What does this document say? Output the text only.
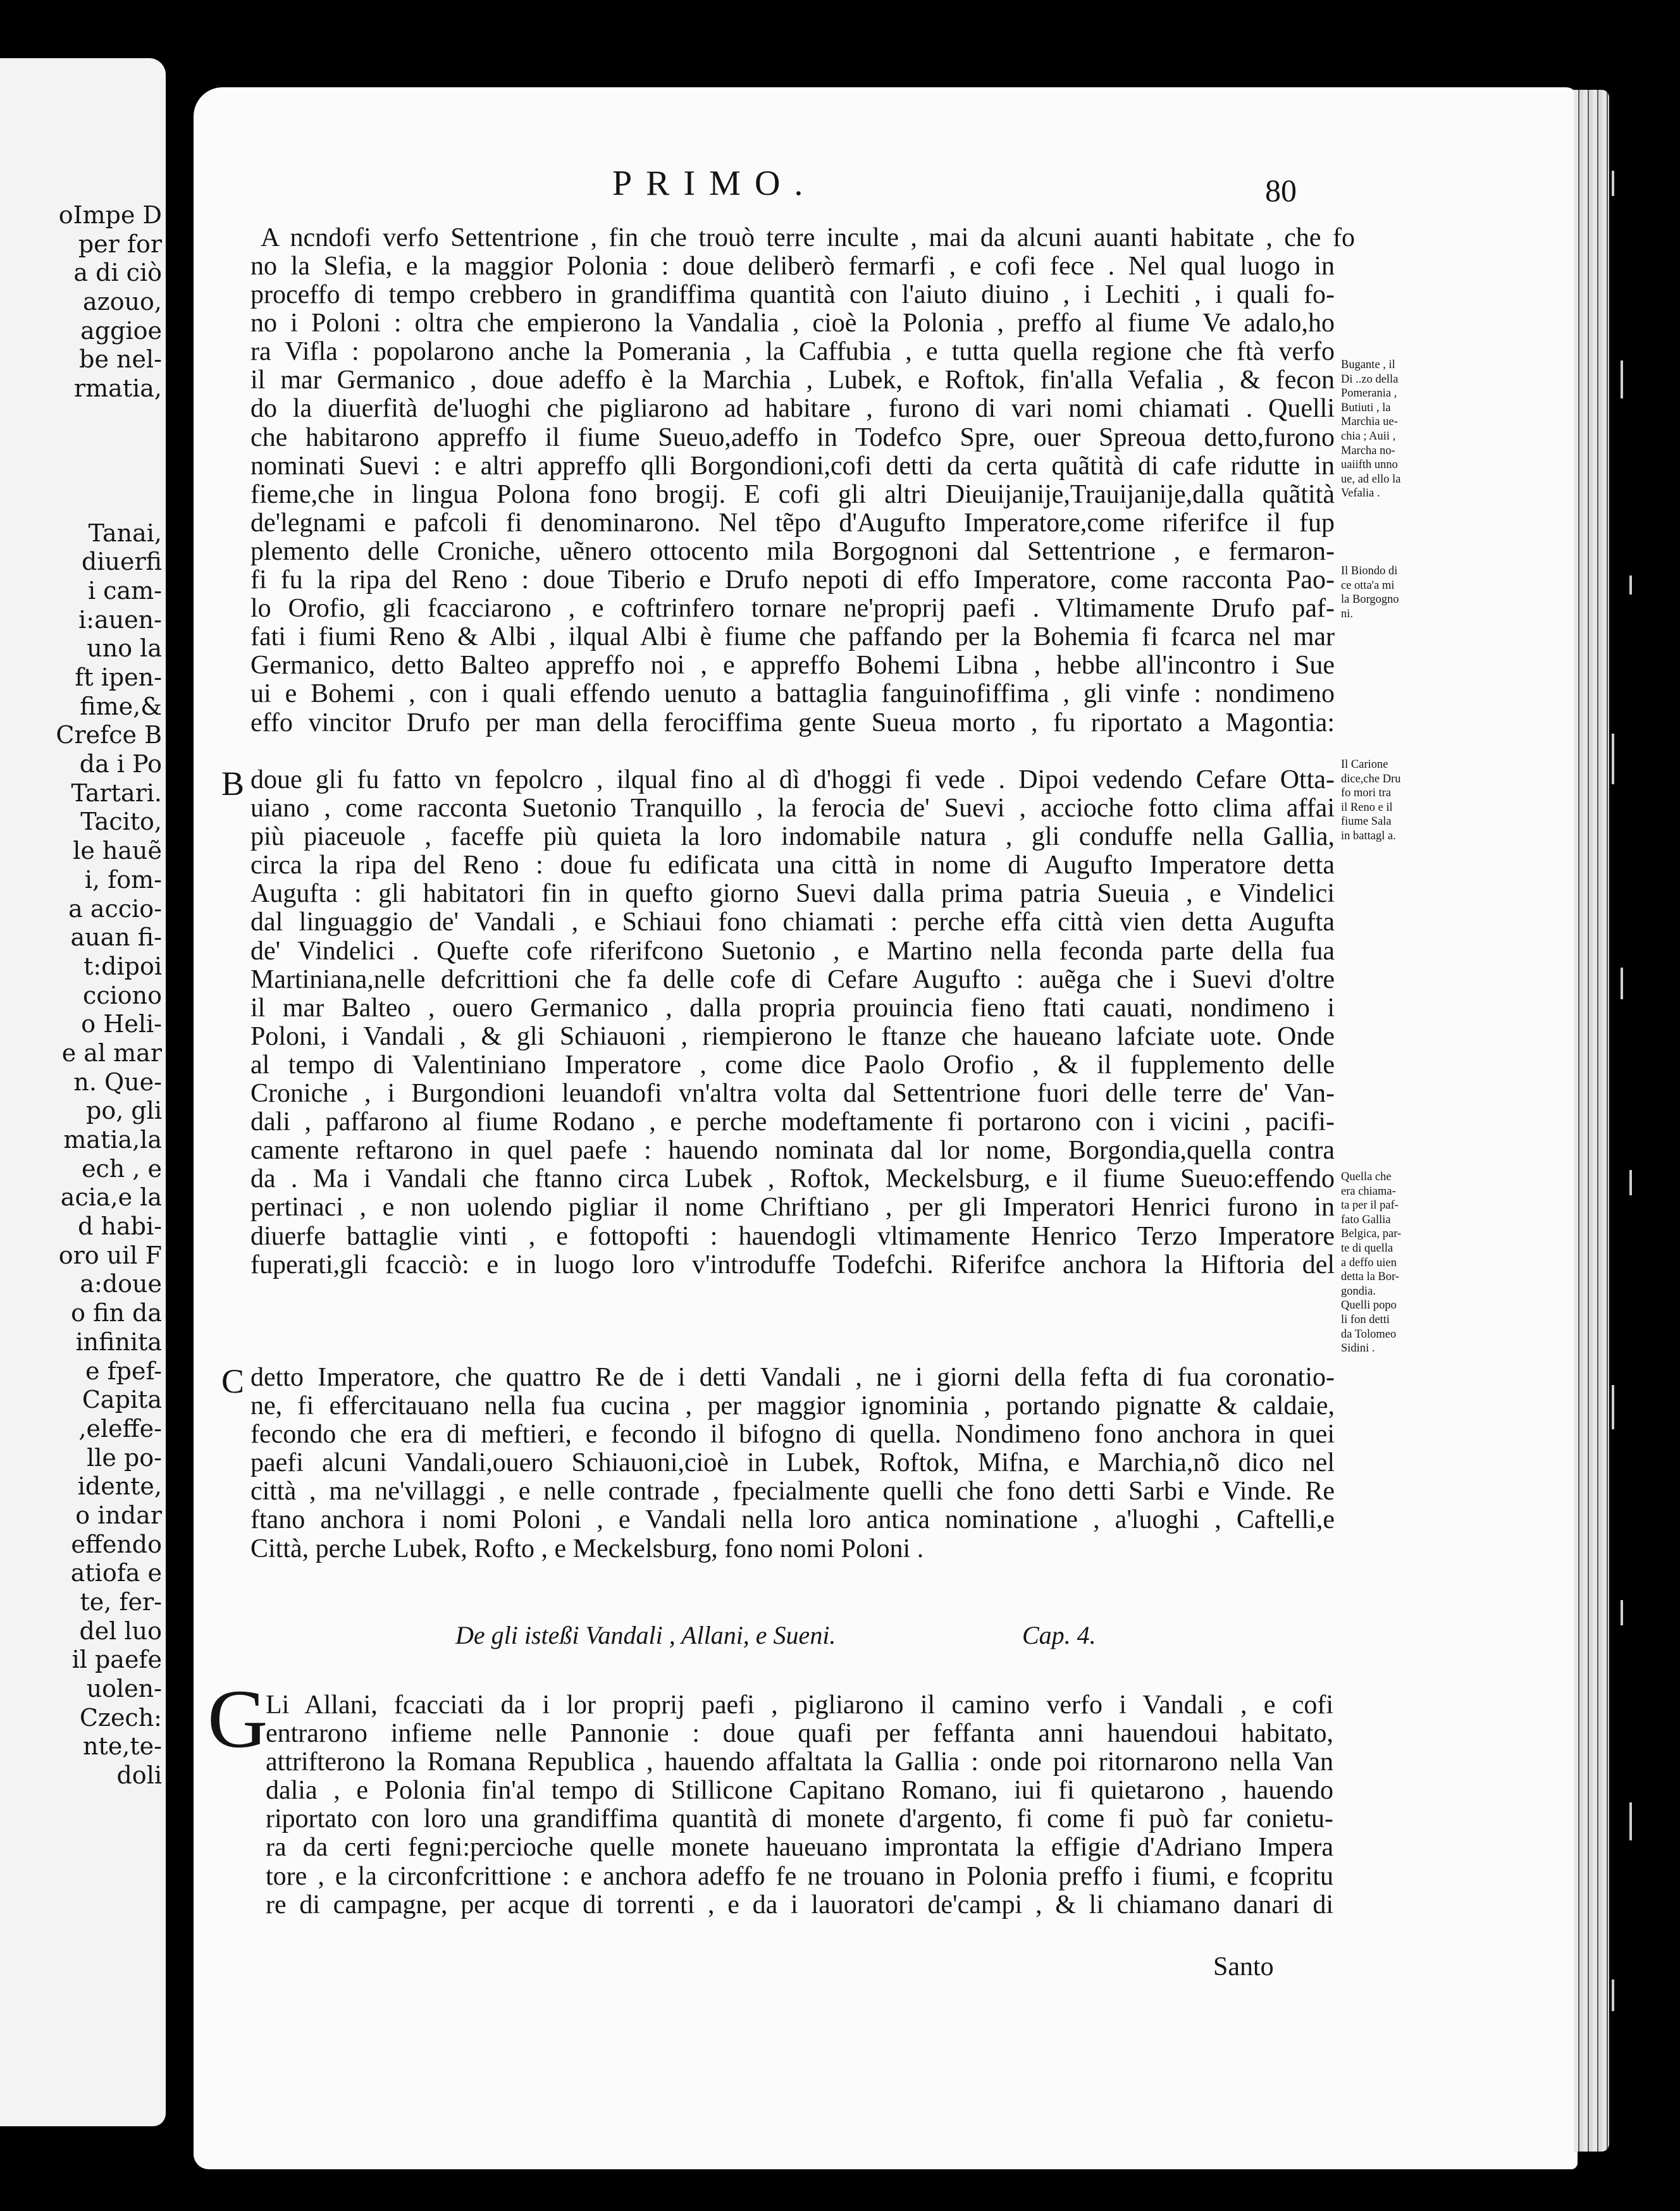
oImpe D
per for
a di ciò
azouo,
aggioe
be nel-
rmatia,
Tanai,
diuerfi
i cam-
i:auen-
uno la
ft ipen-
fime,&
Crefce B
da i Po
Tartari.
Tacito,
le hauẽ
i, fom-
a accio-
auan fi-
t:dipoi
cciono
o Heli-
e al mar
n. Que-
po, gli
matia,la
ech , e
acia,e la
d habi-
oro uil F
a:doue
o fin da
infinita
e fpef-
Capita
,eleffe-
lle po-
idente,
o indar
effendo
atiofa e
te, fer-
del luo
il paefe
uolen-
Czech:
nte,te-
doli
PRIMO.	80
A ncndofi verfo Settentrione , fin che trouò terre inculte , mai da alcuni auanti habitate , che fo
no la Slefia, e la maggior Polonia : doue deliberò fermarfi , e cofi fece . Nel qual luogo in
proceffo di tempo crebbero in grandiffima quantità con l'aiuto diuino , i Lechiti , i quali fo-
no i Poloni : oltra che empierono la Vandalia , cioè la Polonia , preffo al fiume Ve adalo,ho
ra Vifla : popolarono anche la Pomerania , la Caffubia , e tutta quella regione che ftà verfo
il mar Germanico , doue adeffo è la Marchia , Lubek, e Roftok, fin'alla Vefalia , & fecon
do la diuerfità de'luoghi che pigliarono ad habitare , furono di vari nomi chiamati . Quelli
che habitarono appreffo il fiume Sueuo,adeffo in Todefco Spre, ouer Spreoua detto,furono
nominati Suevi : e altri appreffo qlli Borgondioni,cofi detti da certa quãtità di cafe ridutte in
fieme,che in lingua Polona fono brogij. E cofi gli altri Dieuijanije,Trauijanije,dalla quãtità
de'legnami e pafcoli fi denominarono. Nel tẽpo d'Augufto Imperatore,come riferifce il fup
plemento delle Croniche, uẽnero ottocento mila Borgognoni dal Settentrione , e fermaron-
fi fu la ripa del Reno : doue Tiberio e Drufo nepoti di effo Imperatore, come racconta Pao-
lo Orofio, gli fcacciarono , e coftrinfero tornare ne'proprij paefi . Vltimamente Drufo paf-
fati i fiumi Reno & Albi , ilqual Albi è fiume che paffando per la Bohemia fi fcarca nel mar
Germanico, detto Balteo appreffo noi , e appreffo Bohemi Libna , hebbe all'incontro i Sue
ui e Bohemi , con i quali effendo uenuto a battaglia fanguinofiffima , gli vinfe : nondimeno
effo vincitor Drufo per man della ferociffima gente Sueua morto , fu riportato a Magontia:
B doue gli fu fatto vn fepolcro , ilqual fino al dì d'hoggi fi vede . Dipoi vedendo Cefare Otta-
uiano , come racconta Suetonio Tranquillo , la ferocia de' Suevi , accioche fotto clima affai
più piaceuole , faceffe più quieta la loro indomabile natura , gli conduffe nella Gallia,
circa la ripa del Reno : doue fu edificata una città in nome di Augufto Imperatore detta
Augufta : gli habitatori fin in quefto giorno Suevi dalla prima patria Sueuia , e Vindelici
dal linguaggio de' Vandali , e Schiaui fono chiamati : perche effa città vien detta Augufta
de' Vindelici . Quefte cofe riferifcono Suetonio , e Martino nella feconda parte della fua
Martiniana,nelle defcrittioni che fa delle cofe di Cefare Augufto : auẽga che i Suevi d'oltre
il mar Balteo , ouero Germanico , dalla propria prouincia fieno ftati cauati, nondimeno i
Poloni, i Vandali , & gli Schiauoni , riempierono le ftanze che haueano lafciate uote. Onde
al tempo di Valentiniano Imperatore , come dice Paolo Orofio , & il fupplemento delle
Croniche , i Burgondioni leuandofi vn'altra volta dal Settentrione fuori delle terre de' Van-
dali , paffarono al fiume Rodano , e perche modeftamente fi portarono con i vicini , pacifi-
camente reftarono in quel paefe : hauendo nominata dal lor nome, Borgondia,quella contra
da . Ma i Vandali che ftanno circa Lubek , Roftok, Meckelsburg, e il fiume Sueuo:effendo
pertinaci , e non uolendo pigliar il nome Chriftiano , per gli Imperatori Henrici furono in
diuerfe battaglie vinti , e fottopofti : hauendogli vltimamente Henrico Terzo Imperatore
fuperati,gli fcacciò: e in luogo loro v'introduffe Todefchi. Riferifce anchora la Hiftoria del
C detto Imperatore, che quattro Re de i detti Vandali , ne i giorni della fefta di fua coronatio-
ne, fi effercitauano nella fua cucina , per maggior ignominia , portando pignatte & caldaie,
fecondo che era di meftieri, e fecondo il bifogno di quella. Nondimeno fono anchora in quei
paefi alcuni Vandali,ouero Schiauoni,cioè in Lubek, Roftok, Mifna, e Marchia,nõ dico nel
città , ma ne'villaggi , e nelle contrade , fpecialmente quelli che fono detti Sarbi e Vinde. Re
ftano anchora i nomi Poloni , e Vandali nella loro antica nominatione , a'luoghi , Caftelli,e
Città, perche Lubek, Rofto , e Meckelsburg, fono nomi Poloni .
De gli isteßi Vandali , Allani, e Sueni.	Cap. 4.
G
Li Allani, fcacciati da i lor proprij paefi , pigliarono il camino verfo i Vandali , e cofi
entrarono infieme nelle Pannonie : doue quafi per feffanta anni hauendoui habitato,
attrifterono la Romana Republica , hauendo affaltata la Gallia : onde poi ritornarono nella Van
dalia , e Polonia fin'al tempo di Stillicone Capitano Romano, iui fi quietarono , hauendo
riportato con loro una grandiffima quantità di monete d'argento, fi come fi può far conietu-
ra da certi fegni:percioche quelle monete haueuano improntata la effigie d'Adriano Impera
tore , e la circonfcrittione : e anchora adeffo fe ne trouano in Polonia preffo i fiumi, e fcopritu
re di campagne, per acque di torrenti , e da i lauoratori de'campi , & li chiamano danari di
Santo
Bugante , il
Di ..zo della
Pomerania ,
Butiuti , la
Marchia ue-
chia ; Auii ,
Marcha no-
uaiifth unno
ue, ad ello la
Vefalia .
Il Biondo di
ce otta'a mi
la Borgogno
ni.
Il Carione
dice,che Dru
fo mori tra
il Reno e il
fiume Sala
in battagl a.
Quella che
era chiama-
ta per il paf-
fato Gallia
Belgica, par-
te di quella
a deffo uien
detta la Bor-
gondia.
Quelli popo
li fon detti
da Tolomeo
Sidini .
